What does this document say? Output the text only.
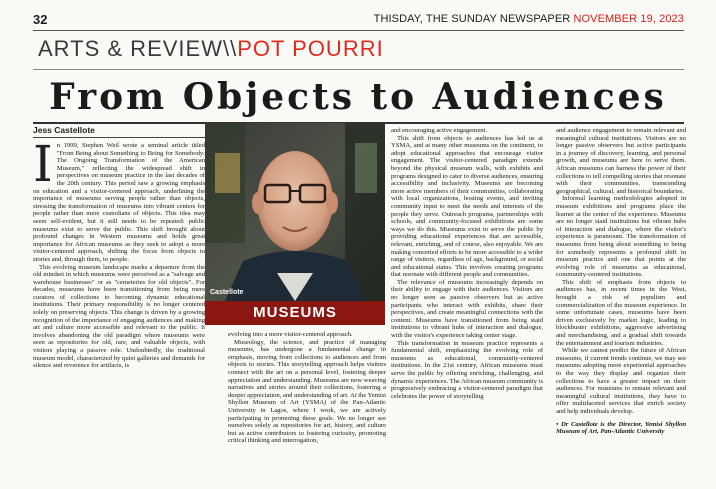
32	THISDAY, THE SUNDAY NEWSPAPER NOVEMBER 19, 2023
ARTS & REVIEW\\POT POURRI
From Objects to Audiences
Jess Castellote

In 1999, Stephen Weil wrote a seminal article titled "From Being about Something to Being for Somebody: The Ongoing Transformation of the American Museum," reflecting the widespread shift in perspectives on museum practice in the last decades of the 20th century. This period saw a growing emphasis on education and a visitor-centered approach, underlining the importance of museums serving people rather than objects, stressing the transformation of museums into vibrant centers for people rather than mere custodians of objects. This idea may seem self-evident, but it still needs to be repeated: public museums exist to serve the public. This shift brought about profound changes in Western museums and holds great importance for African museums as they seek to adopt a more visitor-centered approach, shifting the focus from objects to stories and, through them, to people.

This evolving museum landscape marks a departure from the old mindset in which museums were perceived as a "salvage and warehouse businesses" or as "cemeteries for old objects". For decades, museums have been transitioning from being mere curators of collections to becoming dynamic educational institutions. Their primary responsibility is no longer centered solely on preserving objects. This change is driven by a growing recognition of the importance of engaging audiences and making art and culture more accessible and relevant to the public. It involves abandoning the old paradigm where museums were seen as repositories for old, rare, and valuable objects, with visitors playing a passive role. Undoubtedly, the traditional museum model, characterized by quiet galleries and demands for silence and reverence for artifacts, is

Castellote
MUSEUMS

evolving into a more visitor-centered approach.

Museology, the science, and practice of managing museums, has undergone a fundamental change in emphasis, moving from collections to audiences and from objects to stories. This storytelling approach helps visitors connect with the art on a personal level, fostering deeper appreciation and understanding. Museums are now weaving narratives and stories around their collections, fostering a deeper appreciation, and understanding of art. At the Yemisi Shyllon Museum of Art (YSMA) of the Pan-Atlantic University in Lagos, where I work, we are actively participating in promoting these goals. We no longer see ourselves solely as repositories for art, history, and culture but as active contributors to fostering curiosity, promoting critical thinking and interrogation,

and encouraging active engagement.

This shift from objects to audiences has led us at YSMA, and at many other museums on the continent, to adopt educational approaches that encourage visitor engagement. The visitor-centered paradigm extends beyond the physical museum walls, with exhibits and programs designed to cater to diverse audiences, ensuring accessibility and inclusivity. Museums are becoming more active members of their communities, collaborating with local organizations, hosting events, and inviting community input to meet the needs and interests of the people they serve. Outreach programs, partnerships with schools, and community-focused exhibitions are some ways we do this. Museums exist to serve the public by providing educational experiences that are accessible, relevant, enriching, and of course, also enjoyable. We are making concerted efforts to be more accessible to a wider range of visitors, regardless of age, background, or social and educational status. This involves creating programs that resonate with different people and communities.

The relevance of museums increasingly depends on their ability to engage with their audiences. Visitors are no longer seen as passive observers but as active participants who interact with exhibits, share their perspectives, and create meaningful connections with the content. Museums have transitioned from being staid institutions to vibrant hubs of interaction and dialogue, with the visitor's experience taking center stage.

This transformation in museum practice represents a fundamental shift, emphasizing the evolving role of museums as educational, community-centered institutions. In the 21st century, African museums must serve the public by offering enriching, challenging, and dynamic experiences. The African museum community is progressively embracing a visitor-centered paradigm that celebrates the power of storytelling

and audience engagement to remain relevant and meaningful cultural institutions. Visitors are no longer passive observers but active participants in a journey of discovery, learning, and personal growth, and museums are here to serve them. African museums can harness the power of their collections to tell compelling stories that resonate with their communities, transcending geographical, cultural, and historical boundaries.

Informal learning methodologies adopted in museum exhibitions and programs place the learner at the center of the experience. Museums are no longer staid institutions but vibrant hubs of interaction and dialogue, where the visitor's experience is paramount. The transformation of museums from being about something to being for somebody represents a profound shift in museum practice and one that points at the evolving role of museums as educational, community-centered institutions.

This shift of emphasis from objects to audiences has, in recent times in the West, brought a risk of populism and commercialization of the museum experience. In some unfortunate cases, museums have been driven exclusively by market logic, leading to blockbuster exhibitions, aggressive advertising and merchandising, and a gradual shift towards the entertainment and tourism industries.

While we cannot predict the future of African museums, if current trends continue, we may see museums adopting more experiential approaches to the way they display and organize their collections to have a greater impact on their audiences. For museums to remain relevant and meaningful cultural institutions, they have to offer multifaceted services that enrich society and help individuals develop.

• Dr Castellote is the Director, Yemisi Shyllon Museum of Art, Pan-Atlantic University
